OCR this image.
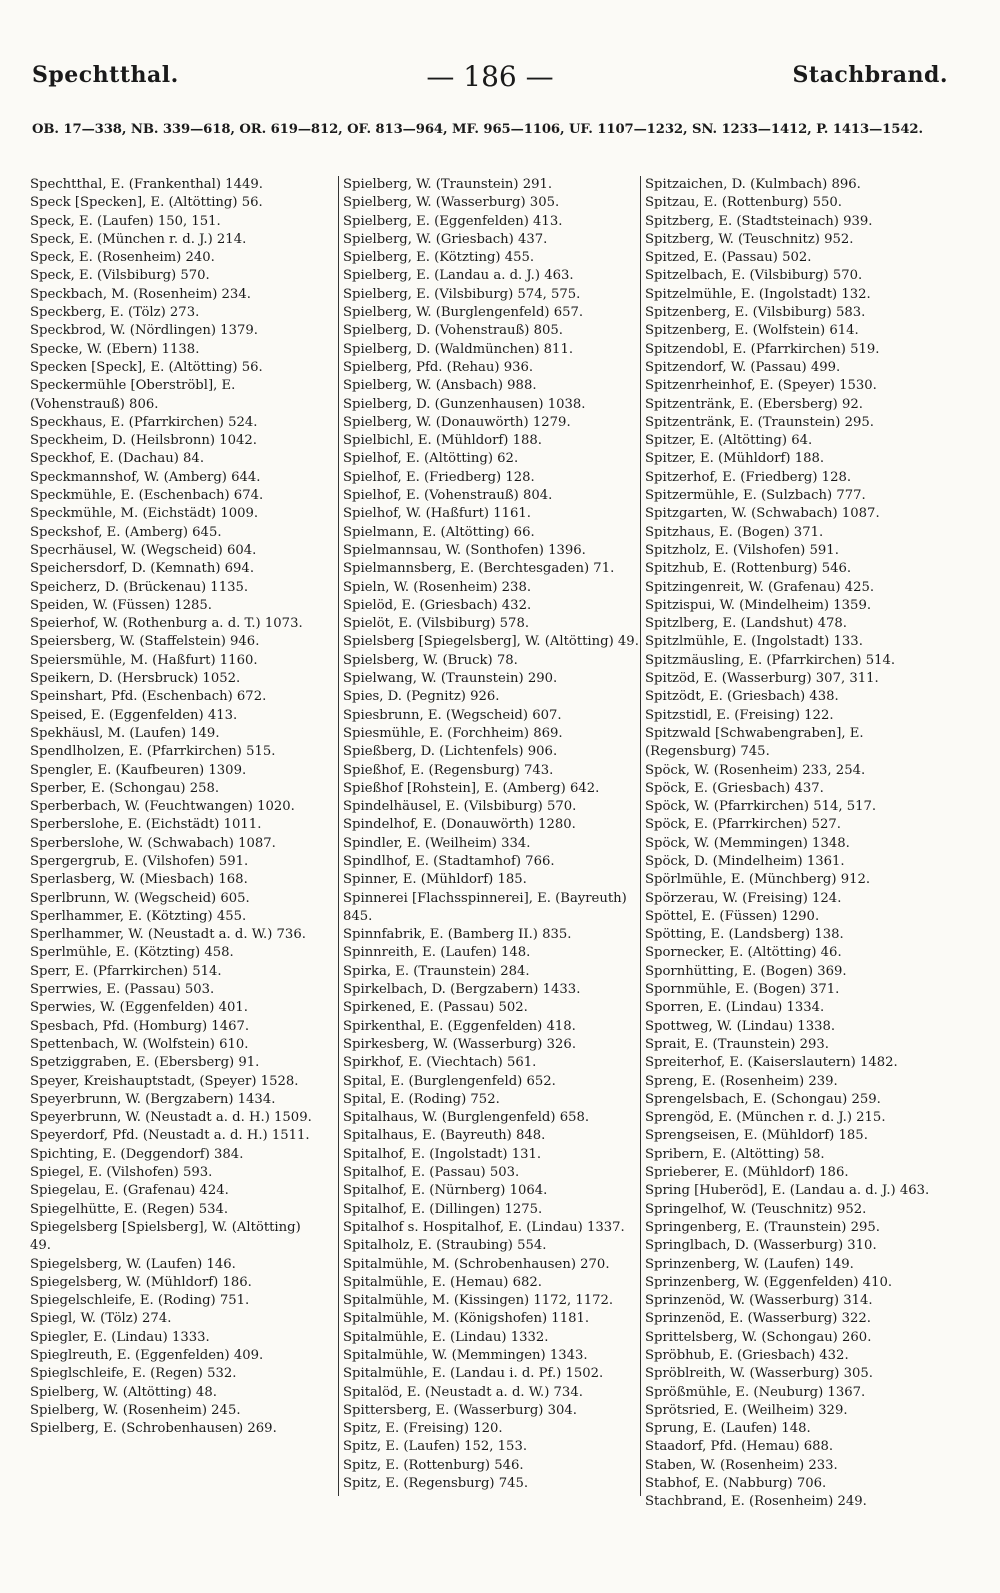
Spechtthal.	— 186 —	Stachbrand.
OB. 17—338, NB. 339—618, OR. 619—812, OF. 813—964, MF. 965—1106, UF. 1107—1232, SN. 1233—1412, P. 1413—1542.
Spechtthal, E. (Frankenthal) 1449.
Speck [Specken], E. (Altötting) 56.
Speck, E. (Laufen) 150, 151.
Speck, E. (München r. d. J.) 214.
Speck, E. (Rosenheim) 240.
Speck, E. (Vilsbiburg) 570.
Speckbach, M. (Rosenheim) 234.
Speckberg, E. (Tölz) 273.
Speckbrod, W. (Nördlingen) 1379.
Specke, W. (Ebern) 1138.
Specken [Speck], E. (Altötting) 56.
Speckermühle [Oberströbl], E. (Vohenstrauß) 806.
Speckhaus, E. (Pfarrkirchen) 524.
Speckheim, D. (Heilsbronn) 1042.
Speckhof, E. (Dachau) 84.
Speckmannshof, W. (Amberg) 644.
Speckmühle, E. (Eschenbach) 674.
Speckmühle, M. (Eichstädt) 1009.
Speckshof, E. (Amberg) 645.
Specrhäusel, W. (Wegscheid) 604.
Speichersdorf, D. (Kemnath) 694.
Speicherz, D. (Brückenau) 1135.
Speiden, W. (Füssen) 1285.
Speierhof, W. (Rothenburg a. d. T.) 1073.
Speiersberg, W. (Staffelstein) 946.
Speiersmühle, M. (Haßfurt) 1160.
Speikern, D. (Hersbruck) 1052.
Speinshart, Pfd. (Eschenbach) 672.
Speised, E. (Eggenfelden) 413.
Spekhäusl, M. (Laufen) 149.
Spendlholzen, E. (Pfarrkirchen) 515.
Spengler, E. (Kaufbeuren) 1309.
Sperber, E. (Schongau) 258.
Sperberbach, W. (Feuchtwangen) 1020.
Sperberslohe, E. (Eichstädt) 1011.
Sperberslohe, W. (Schwabach) 1087.
Spergergrub, E. (Vilshofen) 591.
Sperlasberg, W. (Miesbach) 168.
Sperlbrunn, W. (Wegscheid) 605.
Sperlhammer, E. (Kötzting) 455.
Sperlhammer, W. (Neustadt a. d. W.) 736.
Sperlmühle, E. (Kötzting) 458.
Sperr, E. (Pfarrkirchen) 514.
Sperrwies, E. (Passau) 503.
Sperwies, W. (Eggenfelden) 401.
Spesbach, Pfd. (Homburg) 1467.
Spettenbach, W. (Wolfstein) 610.
Spetziggraben, E. (Ebersberg) 91.
Speyer, Kreishauptstadt, (Speyer) 1528.
Speyerbrunn, W. (Bergzabern) 1434.
Speyerbrunn, W. (Neustadt a. d. H.) 1509.
Speyerdorf, Pfd. (Neustadt a. d. H.) 1511.
Spichting, E. (Deggendorf) 384.
Spiegel, E. (Vilshofen) 593.
Spiegelau, E. (Grafenau) 424.
Spiegelhütte, E. (Regen) 534.
Spiegelsberg [Spielsberg], W. (Altötting) 49.
Spiegelsberg, W. (Laufen) 146.
Spiegelsberg, W. (Mühldorf) 186.
Spiegelschleife, E. (Roding) 751.
Spiegl, W. (Tölz) 274.
Spiegler, E. (Lindau) 1333.
Spieglreuth, E. (Eggenfelden) 409.
Spieglschleife, E. (Regen) 532.
Spielberg, W. (Altötting) 48.
Spielberg, W. (Rosenheim) 245.
Spielberg, E. (Schrobenhausen) 269.
Spielberg, W. (Traunstein) 291.
Spielberg, W. (Wasserburg) 305.
Spielberg, E. (Eggenfelden) 413.
Spielberg, W. (Griesbach) 437.
Spielberg, E. (Kötzting) 455.
Spielberg, E. (Landau a. d. J.) 463.
Spielberg, E. (Vilsbiburg) 574, 575.
Spielberg, W. (Burglengenfeld) 657.
Spielberg, D. (Vohenstrauß) 805.
Spielberg, D. (Waldmünchen) 811.
Spielberg, Pfd. (Rehau) 936.
Spielberg, W. (Ansbach) 988.
Spielberg, D. (Gunzenhausen) 1038.
Spielberg, W. (Donauwörth) 1279.
Spielbichl, E. (Mühldorf) 188.
Spielhof, E. (Altötting) 62.
Spielhof, E. (Friedberg) 128.
Spielhof, E. (Vohenstrauß) 804.
Spielhof, W. (Haßfurt) 1161.
Spielmann, E. (Altötting) 66.
Spielmannsau, W. (Sonthofen) 1396.
Spielmannsberg, E. (Berchtesgaden) 71.
Spieln, W. (Rosenheim) 238.
Spielöd, E. (Griesbach) 432.
Spielöt, E. (Vilsbiburg) 578.
Spielsberg [Spiegelsberg], W. (Altötting) 49.
Spielsberg, W. (Bruck) 78.
Spielwang, W. (Traunstein) 290.
Spies, D. (Pegnitz) 926.
Spiesbrunn, E. (Wegscheid) 607.
Spiesmühle, E. (Forchheim) 869.
Spießberg, D. (Lichtenfels) 906.
Spießhof, E. (Regensburg) 743.
Spießhof [Rohstein], E. (Amberg) 642.
Spindelhäusel, E. (Vilsbiburg) 570.
Spindelhof, E. (Donauwörth) 1280.
Spindler, E. (Weilheim) 334.
Spindlhof, E. (Stadtamhof) 766.
Spinner, E. (Mühldorf) 185.
Spinnerei [Flachsspinnerei], E. (Bayreuth) 845.
Spinnfabrik, E. (Bamberg II.) 835.
Spinnreith, E. (Laufen) 148.
Spirka, E. (Traunstein) 284.
Spirkelbach, D. (Bergzabern) 1433.
Spirkened, E. (Passau) 502.
Spirkenthal, E. (Eggenfelden) 418.
Spirkesberg, W. (Wasserburg) 326.
Spirkhof, E. (Viechtach) 561.
Spital, E. (Burglengenfeld) 652.
Spital, E. (Roding) 752.
Spitalhaus, W. (Burglengenfeld) 658.
Spitalhaus, E. (Bayreuth) 848.
Spitalhof, E. (Ingolstadt) 131.
Spitalhof, E. (Passau) 503.
Spitalhof, E. (Nürnberg) 1064.
Spitalhof, E. (Dillingen) 1275.
Spitalhof s. Hospitalhof, E. (Lindau) 1337.
Spitalholz, E. (Straubing) 554.
Spitalmühle, M. (Schrobenhausen) 270.
Spitalmühle, E. (Hemau) 682.
Spitalmühle, M. (Kissingen) 1172, 1172.
Spitalmühle, M. (Königshofen) 1181.
Spitalmühle, E. (Lindau) 1332.
Spitalmühle, W. (Memmingen) 1343.
Spitalmühle, E. (Landau i. d. Pf.) 1502.
Spitalöd, E. (Neustadt a. d. W.) 734.
Spittersberg, E. (Wasserburg) 304.
Spitz, E. (Freising) 120.
Spitz, E. (Laufen) 152, 153.
Spitz, E. (Rottenburg) 546.
Spitz, E. (Regensburg) 745.
Spitzaichen, D. (Kulmbach) 896.
Spitzau, E. (Rottenburg) 550.
Spitzberg, E. (Stadtsteinach) 939.
Spitzberg, W. (Teuschnitz) 952.
Spitzed, E. (Passau) 502.
Spitzelbach, E. (Vilsbiburg) 570.
Spitzelmühle, E. (Ingolstadt) 132.
Spitzenberg, E. (Vilsbiburg) 583.
Spitzenberg, E. (Wolfstein) 614.
Spitzendobl, E. (Pfarrkirchen) 519.
Spitzendorf, W. (Passau) 499.
Spitzenrheinhof, E. (Speyer) 1530.
Spitzentränk, E. (Ebersberg) 92.
Spitzentränk, E. (Traunstein) 295.
Spitzer, E. (Altötting) 64.
Spitzer, E. (Mühldorf) 188.
Spitzerhof, E. (Friedberg) 128.
Spitzermühle, E. (Sulzbach) 777.
Spitzgarten, W. (Schwabach) 1087.
Spitzhaus, E. (Bogen) 371.
Spitzholz, E. (Vilshofen) 591.
Spitzhub, E. (Rottenburg) 546.
Spitzingenreit, W. (Grafenau) 425.
Spitzispui, W. (Mindelheim) 1359.
Spitzlberg, E. (Landshut) 478.
Spitzlmühle, E. (Ingolstadt) 133.
Spitzmäusling, E. (Pfarrkirchen) 514.
Spitzöd, E. (Wasserburg) 307, 311.
Spitzödt, E. (Griesbach) 438.
Spitzstidl, E. (Freising) 122.
Spitzwald [Schwabengraben], E. (Regensburg) 745.
Spöck, W. (Rosenheim) 233, 254.
Spöck, E. (Griesbach) 437.
Spöck, W. (Pfarrkirchen) 514, 517.
Spöck, E. (Pfarrkirchen) 527.
Spöck, W. (Memmingen) 1348.
Spöck, D. (Mindelheim) 1361.
Spörlmühle, E. (Münchberg) 912.
Spörzerau, W. (Freising) 124.
Spöttel, E. (Füssen) 1290.
Spötting, E. (Landsberg) 138.
Spornecker, E. (Altötting) 46.
Spornhütting, E. (Bogen) 369.
Spornmühle, E. (Bogen) 371.
Sporren, E. (Lindau) 1334.
Spottweg, W. (Lindau) 1338.
Sprait, E. (Traunstein) 293.
Spreiterhof, E. (Kaiserslautern) 1482.
Spreng, E. (Rosenheim) 239.
Sprengelsbach, E. (Schongau) 259.
Sprengöd, E. (München r. d. J.) 215.
Sprengseisen, E. (Mühldorf) 185.
Spribern, E. (Altötting) 58.
Sprieberer, E. (Mühldorf) 186.
Spring [Huberöd], E. (Landau a. d. J.) 463.
Springelhof, W. (Teuschnitz) 952.
Springenberg, E. (Traunstein) 295.
Springlbach, D. (Wasserburg) 310.
Sprinzenberg, W. (Laufen) 149.
Sprinzenberg, W. (Eggenfelden) 410.
Sprinzenöd, W. (Wasserburg) 314.
Sprinzenöd, E. (Wasserburg) 322.
Sprittelsberg, W. (Schongau) 260.
Spröbhub, E. (Griesbach) 432.
Spröblreith, W. (Wasserburg) 305.
Sprößmühle, E. (Neuburg) 1367.
Sprötsried, E. (Weilheim) 329.
Sprung, E. (Laufen) 148.
Staadorf, Pfd. (Hemau) 688.
Staben, W. (Rosenheim) 233.
Stabhof, E. (Nabburg) 706.
Stachbrand, E. (Rosenheim) 249.
